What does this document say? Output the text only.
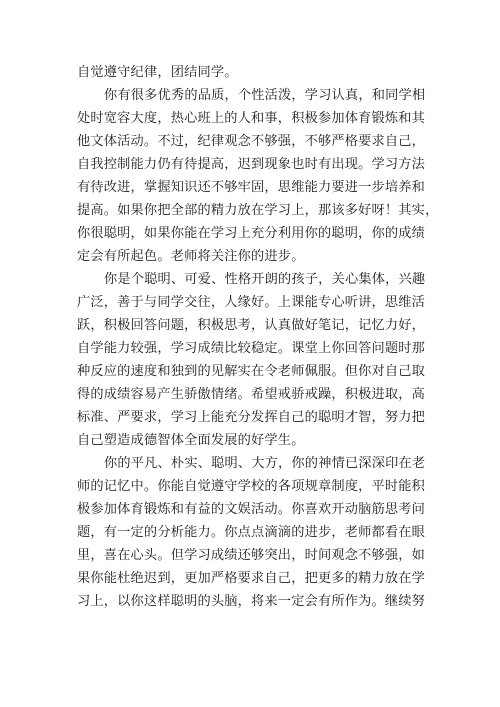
自觉遵守纪律，团结同学。
你有很多优秀的品质，个性活泼，学习认真，和同学相
处时宽容大度，热心班上的人和事，积极参加体育锻炼和其
他文体活动。不过，纪律观念不够强，不够严格要求自己，
自我控制能力仍有待提高，迟到现象也时有出现。学习方法
有待改进，掌握知识还不够牢固，思维能力要进一步培养和
提高。如果你把全部的精力放在学习上，那该多好呀！其实，
你很聪明，如果你能在学习上充分利用你的聪明，你的成绩
定会有所起色。老师将关注你的进步。
你是个聪明、可爱、性格开朗的孩子，关心集体，兴趣
广泛，善于与同学交往，人缘好。上课能专心听讲，思维活
跃，积极回答问题，积极思考，认真做好笔记，记忆力好，
自学能力较强，学习成绩比较稳定。课堂上你回答问题时那
种反应的速度和独到的见解实在令老师佩服。但你对自己取
得的成绩容易产生骄傲情绪。希望戒骄戒躁，积极进取，高
标准、严要求，学习上能充分发挥自己的聪明才智，努力把
自己塑造成德智体全面发展的好学生。
你的平凡、朴实、聪明、大方，你的神情已深深印在老
师的记忆中。你能自觉遵守学校的各项规章制度，平时能积
极参加体育锻炼和有益的文娱活动。你喜欢开动脑筋思考问
题，有一定的分析能力。你点点滴滴的进步，老师都看在眼
里，喜在心头。但学习成绩还够突出，时间观念不够强，如
果你能杜绝迟到，更加严格要求自己，把更多的精力放在学
习上，以你这样聪明的头脑，将来一定会有所作为。继续努
